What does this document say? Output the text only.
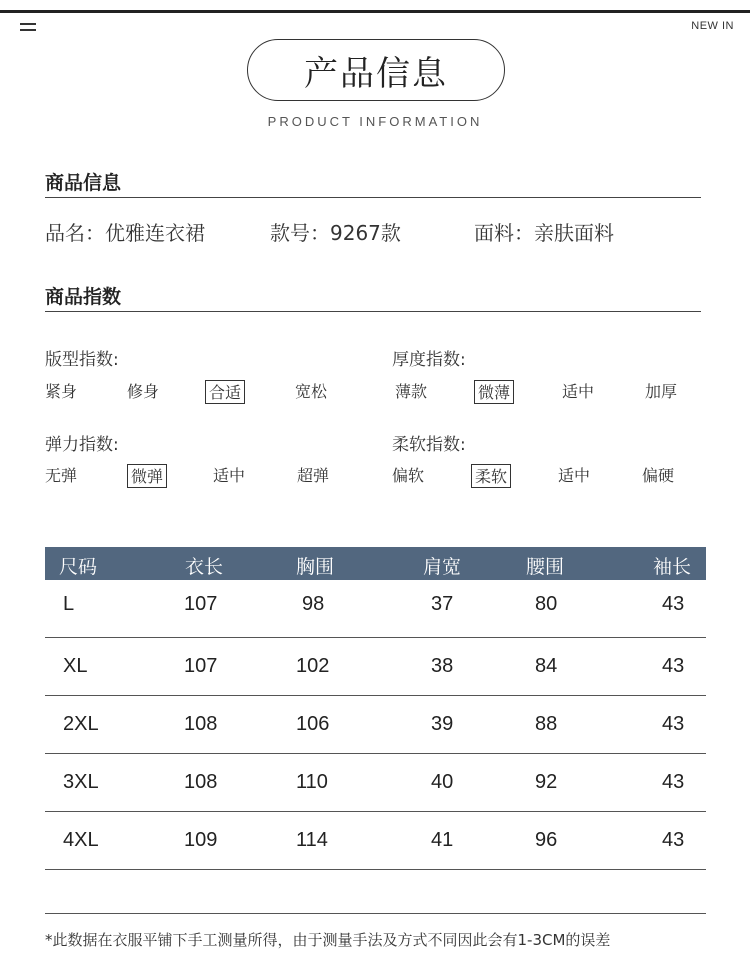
NEW IN
产品信息
PRODUCT INFORMATION
商品信息
品名：优雅连衣裙	款号：9267款	面料：亲肤面料
商品指数
版型指数:
紧身	修身	合适	宽松
厚度指数:
薄款	微薄	适中	加厚
弹力指数:
无弹	微弹	适中	超弹
柔软指数:
偏软	柔软	适中	偏硬
尺码	衣长	胸围	肩宽	腰围	袖长
L	107	98	37	80	43
XL	107	102	38	84	43
2XL	108	106	39	88	43
3XL	108	110	40	92	43
4XL	109	114	41	96	43
*此数据在衣服平铺下手工测量所得，由于测量手法及方式不同因此会有1-3CM的误差
